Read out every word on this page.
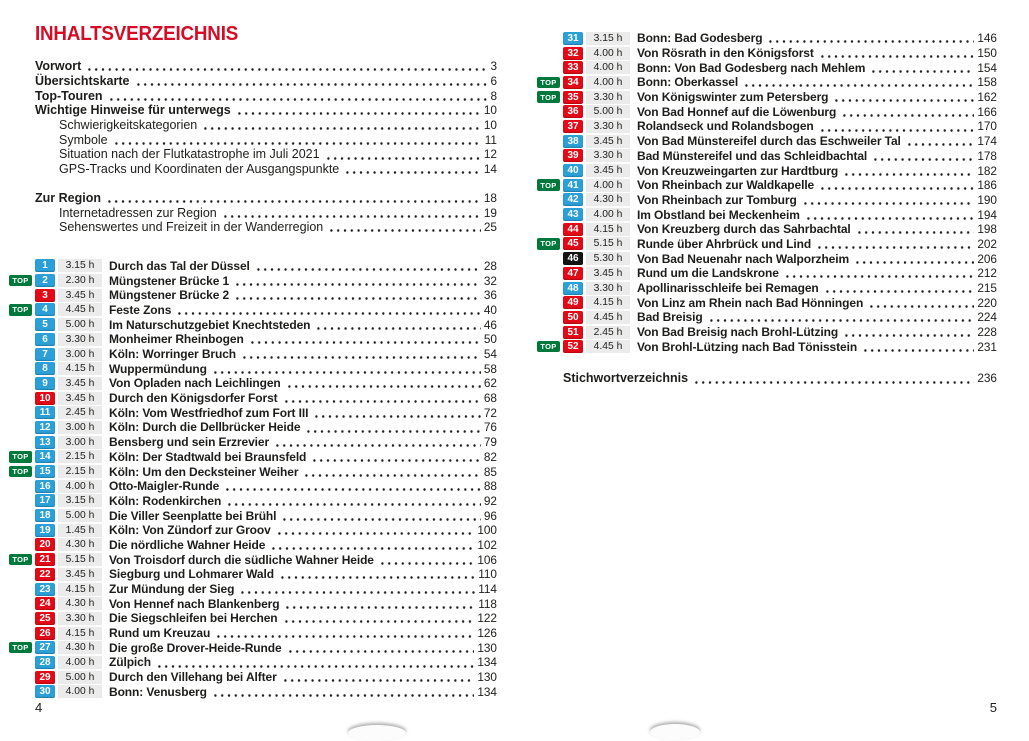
INHALTSVERZEICHNIS
Vorwort	3
Übersichtskarte	6
Top-Touren	8
Wichtige Hinweise für unterwegs	10
Schwierigkeitskategorien	10
Symbole	11
Situation nach der Flutkatastrophe im Juli 2021	12
GPS-Tracks und Koordinaten der Ausgangspunkte	14
Zur Region	18
Internetadressen zur Region	19
Sehenswertes und Freizeit in der Wanderregion	25
1	3.15 h	Durch das Tal der Düssel	28
TOP	2	2.30 h	Müngstener Brücke 1	32
3	3.45 h	Müngstener Brücke 2	36
TOP	4	4.45 h	Feste Zons	40
5	5.00 h	Im Naturschutzgebiet Knechtsteden	46
6	3.30 h	Monheimer Rheinbogen	50
7	3.00 h	Köln: Worringer Bruch	54
8	4.15 h	Wuppermündung	58
9	3.45 h	Von Opladen nach Leichlingen	62
10	3.45 h	Durch den Königsdorfer Forst	68
11	2.45 h	Köln: Vom Westfriedhof zum Fort III	72
12	3.00 h	Köln: Durch die Dellbrücker Heide	76
13	3.00 h	Bensberg und sein Erzrevier	79
TOP	14	2.15 h	Köln: Der Stadtwald bei Braunsfeld	82
TOP	15	2.15 h	Köln: Um den Decksteiner Weiher	85
16	4.00 h	Otto-Maigler-Runde	88
17	3.15 h	Köln: Rodenkirchen	92
18	5.00 h	Die Viller Seenplatte bei Brühl	96
19	1.45 h	Köln: Von Zündorf zur Groov	100
20	4.30 h	Die nördliche Wahner Heide	102
TOP	21	5.15 h	Von Troisdorf durch die südliche Wahner Heide	106
22	3.45 h	Siegburg und Lohmarer Wald	110
23	4.15 h	Zur Mündung der Sieg	114
24	4.30 h	Von Hennef nach Blankenberg	118
25	3.30 h	Die Siegschleifen bei Herchen	122
26	4.15 h	Rund um Kreuzau	126
TOP	27	4.30 h	Die große Drover-Heide-Runde	130
28	4.00 h	Zülpich	134
29	5.00 h	Durch den Villehang bei Alfter	130
30	4.00 h	Bonn: Venusberg	134
31	3.15 h	Bonn: Bad Godesberg	146
32	4.00 h	Von Rösrath in den Königsforst	150
33	4.00 h	Bonn: Von Bad Godesberg nach Mehlem	154
TOP	34	4.00 h	Bonn: Oberkassel	158
TOP	35	3.30 h	Von Königswinter zum Petersberg	162
36	5.00 h	Von Bad Honnef auf die Löwenburg	166
37	3.30 h	Rolandseck und Rolandsbogen	170
38	3.45 h	Von Bad Münstereifel durch das Eschweiler Tal	174
39	3.30 h	Bad Münstereifel und das Schleidbachtal	178
40	3.45 h	Von Kreuzweingarten zur Hardtburg	182
TOP	41	4.00 h	Von Rheinbach zur Waldkapelle	186
42	4.30 h	Von Rheinbach zur Tomburg	190
43	4.00 h	Im Obstland bei Meckenheim	194
44	4.15 h	Von Kreuzberg durch das Sahrbachtal	198
TOP	45	5.15 h	Runde über Ahrbrück und Lind	202
46	5.30 h	Von Bad Neuenahr nach Walporzheim	206
47	3.45 h	Rund um die Landskrone	212
48	3.30 h	Apollinarisschleife bei Remagen	215
49	4.15 h	Von Linz am Rhein nach Bad Hönningen	220
50	4.45 h	Bad Breisig	224
51	2.45 h	Von Bad Breisig nach Brohl-Lützing	228
TOP	52	4.45 h	Von Brohl-Lützing nach Bad Tönisstein	231
Stichwortverzeichnis	236
4	5
